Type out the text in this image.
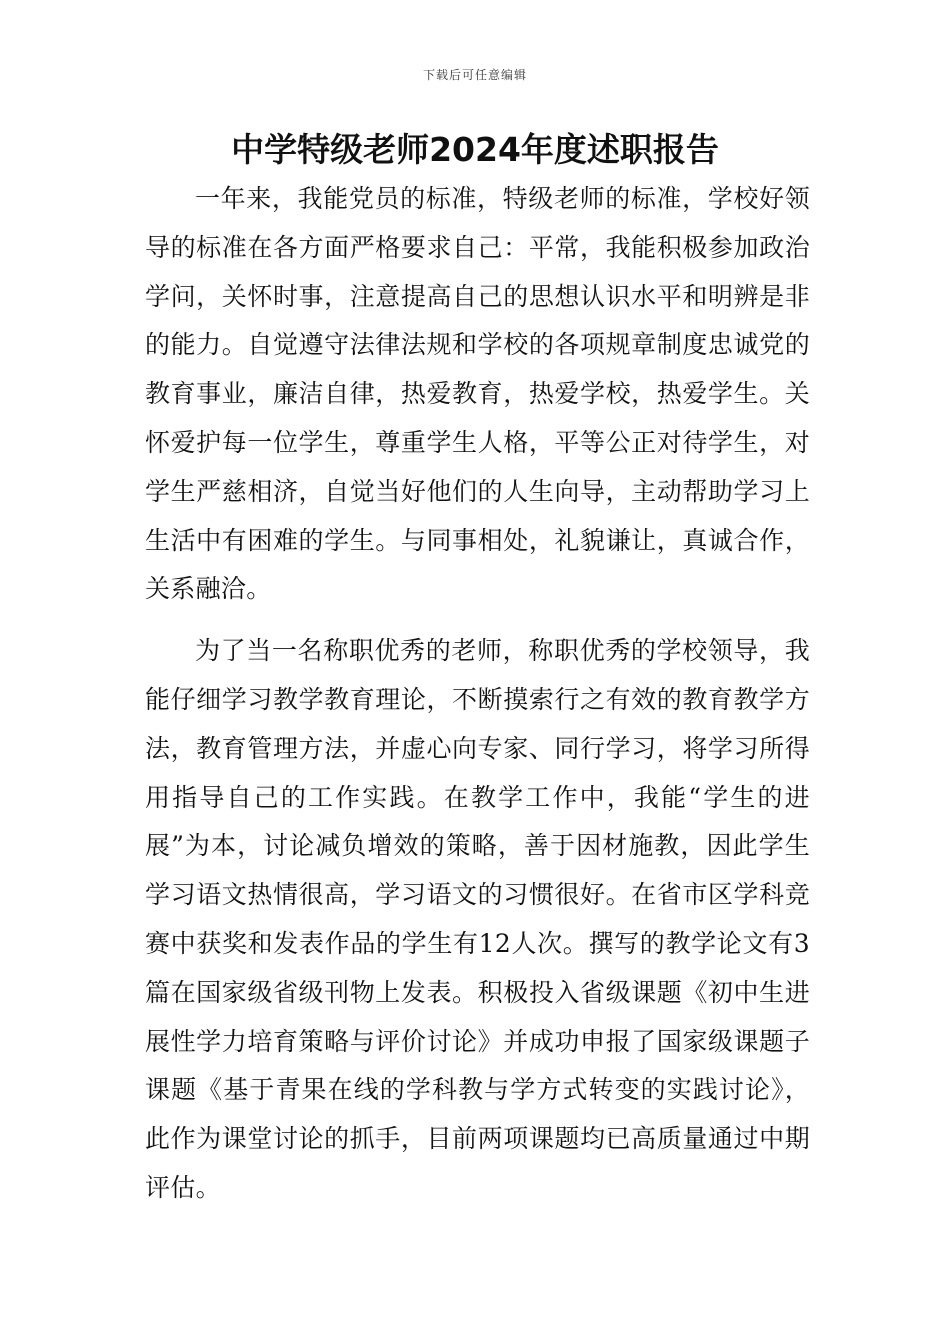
下载后可任意编辑
中学特级老师2024年度述职报告

一年来，我能党员的标准，特级老师的标准，学校好领导的标准在各方面严格要求自己：平常，我能积极参加政治学问，关怀时事，注意提高自己的思想认识水平和明辨是非的能力。自觉遵守法律法规和学校的各项规章制度忠诚党的教育事业，廉洁自律，热爱教育，热爱学校，热爱学生。关怀爱护每一位学生，尊重学生人格，平等公正对待学生，对学生严慈相济，自觉当好他们的人生向导，主动帮助学习上生活中有困难的学生。与同事相处，礼貌谦让，真诚合作，关系融洽。

为了当一名称职优秀的老师，称职优秀的学校领导，我能仔细学习教学教育理论，不断摸索行之有效的教育教学方法，教育管理方法，并虚心向专家、同行学习，将学习所得用指导自己的工作实践。在教学工作中，我能“学生的进展”为本，讨论减负增效的策略，善于因材施教，因此学生学习语文热情很高，学习语文的习惯很好。在省市区学科竞赛中获奖和发表作品的学生有12人次。撰写的教学论文有3篇在国家级省级刊物上发表。积极投入省级课题《初中生进展性学力培育策略与评价讨论》并成功申报了国家级课题子课题《基于青果在线的学科教与学方式转变的实践讨论》，此作为课堂讨论的抓手，目前两项课题均已高质量通过中期评估。
